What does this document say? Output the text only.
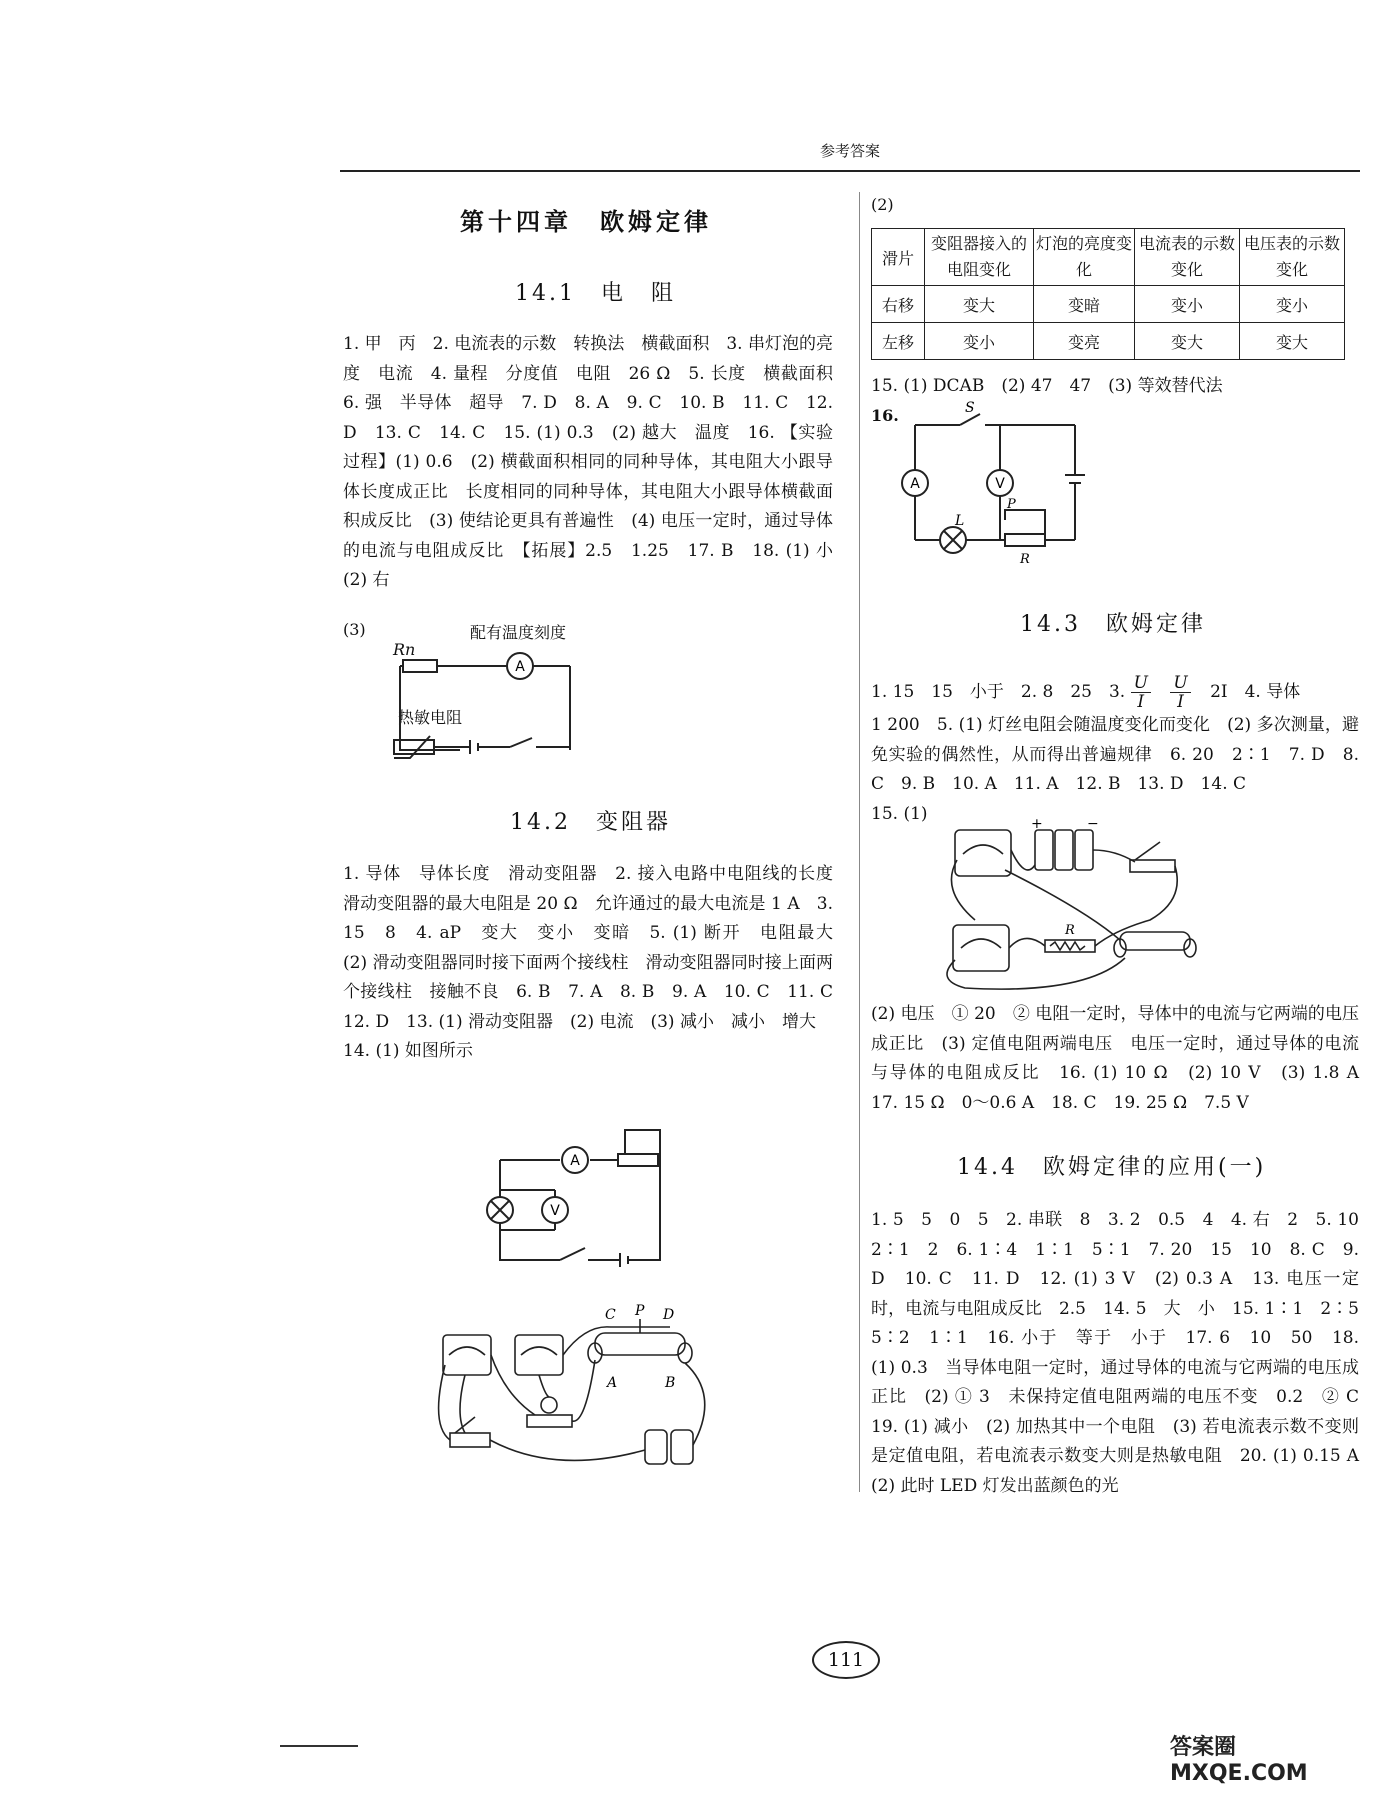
参考答案
第十四章　欧姆定律
14.1　电　阻

1. 甲　丙　2. 电流表的示数　转换法　横截面积　3. 串灯泡的亮度　电流　4. 量程　分度值　电阻　26 Ω　5. 长度　横截面积　6. 强　半导体　超导　7. D　8. A　9. C　10. B　11. C　12. D　13. C　14. C　15. (1) 0.3　(2) 越大　温度　16. 【实验过程】(1) 0.6　(2) 横截面积相同的同种导体，其电阻大小跟导体长度成正比　长度相同的同种导体，其电阻大小跟导体横截面积成反比　(3) 使结论更具有普遍性　(4) 电压一定时，通过导体的电流与电阻成反比　【拓展】2.5　1.25　17. B　18. (1) 小　(2) 右

(3)	配有温度刻度
Rn
热敏电阻
A
14.2　变阻器

1. 导体　导体长度　滑动变阻器　2. 接入电路中电阻线的长度　滑动变阻器的最大电阻是 20 Ω　允许通过的最大电流是 1 A　3. 15　8　4. aP　变大　变小　变暗　5. (1) 断开　电阻最大　(2) 滑动变阻器同时接下面两个接线柱　滑动变阻器同时接上面两个接线柱　接触不良　6. B　7. A　8. B　9. A　10. C　11. C　12. D　13. (1) 滑动变阻器　(2) 电流　(3) 减小　减小　增大

14. (1) 如图所示

A
V
C P D
A	B
(2)
滑片	变阻器接入的电阻变化	灯泡的亮度变化	电流表的示数变化	电压表的示数变化
右移	变大	变暗	变小	变小
左移	变小	变亮	变大	变大

15. (1) DCAB　(2) 47　47　(3) 等效替代法

16.
A	V
S
L
P
R
14.3　欧姆定律

1. 15　15　小于　2. 8　25　3. $\frac{U}{I}$
$\frac{U}{I} 2I$　4. 导体

1 200　5. (1) 灯丝电阻会随温度变化而变化　(2) 多次测量，避免实验的偶然性，从而得出普遍规律　6. 20　2∶1　7. D　8. C　9. B　10. A　11. A　12. B　13. D　14. C

15. (1)

+	−
R

(2) 电压　① 20　② 电阻一定时，导体中的电流与它两端的电压成正比　(3) 定值电阻两端电压　电压一定时，通过导体的电流与导体的电阻成反比　16. (1) 10 Ω　(2) 10 V　(3) 1.8 A　17. 15 Ω　0～0.6 A　18. C　19. 25 Ω　7.5 V

14.4　欧姆定律的应用(一)

1. 5　5　0　5　2. 串联　8　3. 2　0.5　4　4. 右　2　5. 10　2∶1　2　6. 1∶4　1∶1　5∶1　7. 20　15　10　8. C　9. D　10. C　11. D　12. (1) 3 V　(2) 0.3 A　13. 电压一定时，电流与电阻成反比　2.5　14. 5　大　小　15. 1∶1　2∶5　5∶2　1∶1　16. 小于　等于　小于　17. 6　10　50　18. (1) 0.3　当导体电阻一定时，通过导体的电流与它两端的电压成正比　(2) ① 3　未保持定值电阻两端的电压不变　0.2　② C　19. (1) 减小　(2) 加热其中一个电阻　(3) 若电流表示数不变则是定值电阻，若电流表示数变大则是热敏电阻　20. (1) 0.15 A　(2) 此时 LED 灯发出蓝颜色的光

111
答案圈 MXQE.COM
